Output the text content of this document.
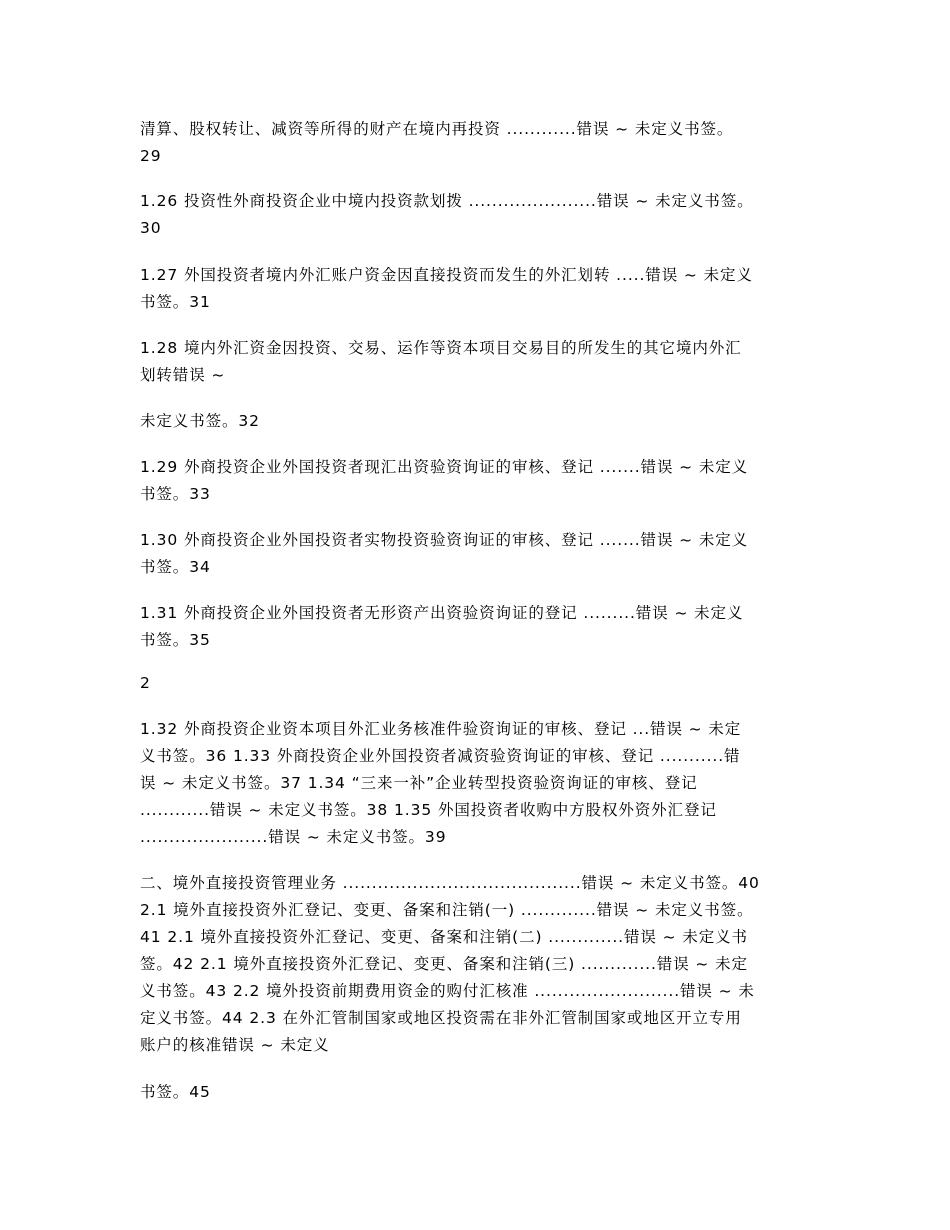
清算、股权转让、减资等所得的财产在境内再投资 ............错误 ~ 未定义书签。
29
1.26 投资性外商投资企业中境内投资款划拨 ......................错误 ~ 未定义书签。
30
1.27 外国投资者境内外汇账户资金因直接投资而发生的外汇划转 .....错误 ~ 未定义
书签。31
1.28 境内外汇资金因投资、交易、运作等资本项目交易目的所发生的其它境内外汇
划转错误 ~
未定义书签。32
1.29 外商投资企业外国投资者现汇出资验资询证的审核、登记 .......错误 ~ 未定义
书签。33
1.30 外商投资企业外国投资者实物投资验资询证的审核、登记 .......错误 ~ 未定义
书签。34
1.31 外商投资企业外国投资者无形资产出资验资询证的登记 .........错误 ~ 未定义
书签。35
2
1.32 外商投资企业资本项目外汇业务核准件验资询证的审核、登记 ...错误 ~ 未定
义书签。36 1.33 外商投资企业外国投资者减资验资询证的审核、登记 ...........错
误 ~ 未定义书签。37 1.34 “三来一补”企业转型投资验资询证的审核、登记
............错误 ~ 未定义书签。38 1.35 外国投资者收购中方股权外资外汇登记
......................错误 ~ 未定义书签。39
二、境外直接投资管理业务 .........................................错误 ~ 未定义书签。40
2.1 境外直接投资外汇登记、变更、备案和注销(一) .............错误 ~ 未定义书签。
41 2.1 境外直接投资外汇登记、变更、备案和注销(二) .............错误 ~ 未定义书
签。42 2.1 境外直接投资外汇登记、变更、备案和注销(三) .............错误 ~ 未定
义书签。43 2.2 境外投资前期费用资金的购付汇核准 .........................错误 ~ 未
定义书签。44 2.3 在外汇管制国家或地区投资需在非外汇管制国家或地区开立专用
账户的核准错误 ~ 未定义
书签。45
